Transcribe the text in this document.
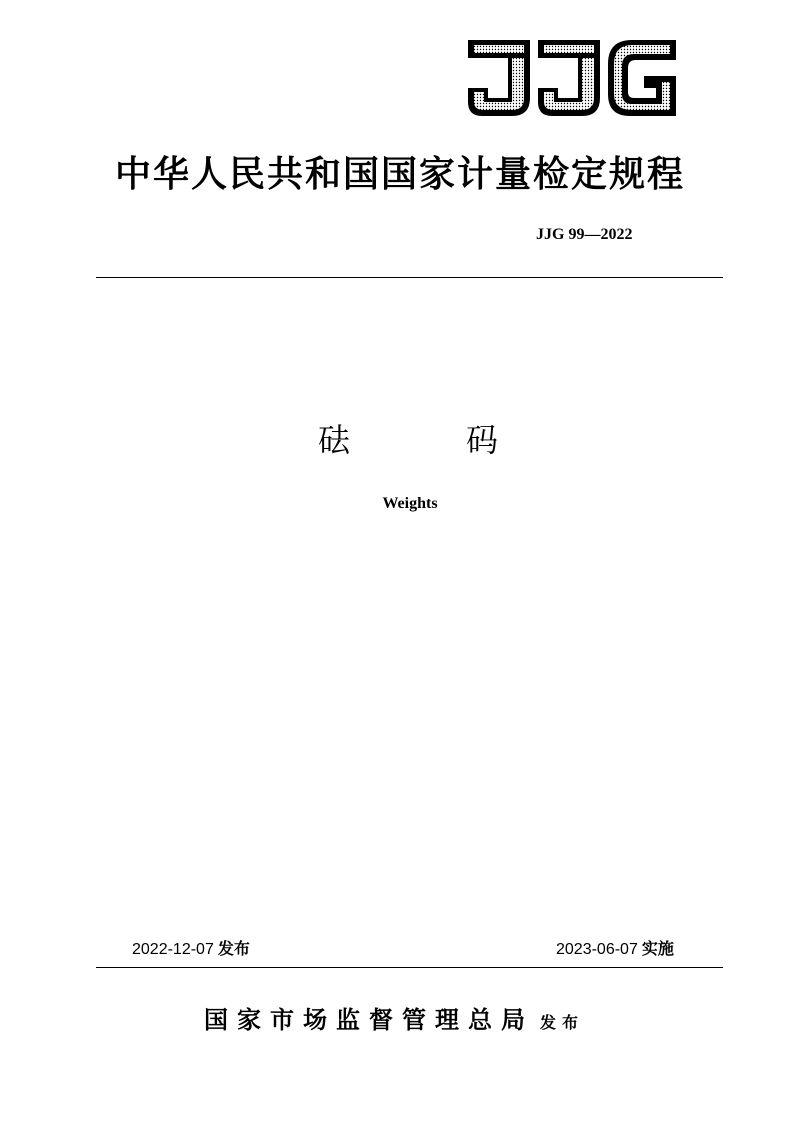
中华人民共和国国家计量检定规程
JJG 99—2022
砝	码
Weights
2022-12-07 发布	2023-06-07 实施
国家市场监督管理总局 发布
